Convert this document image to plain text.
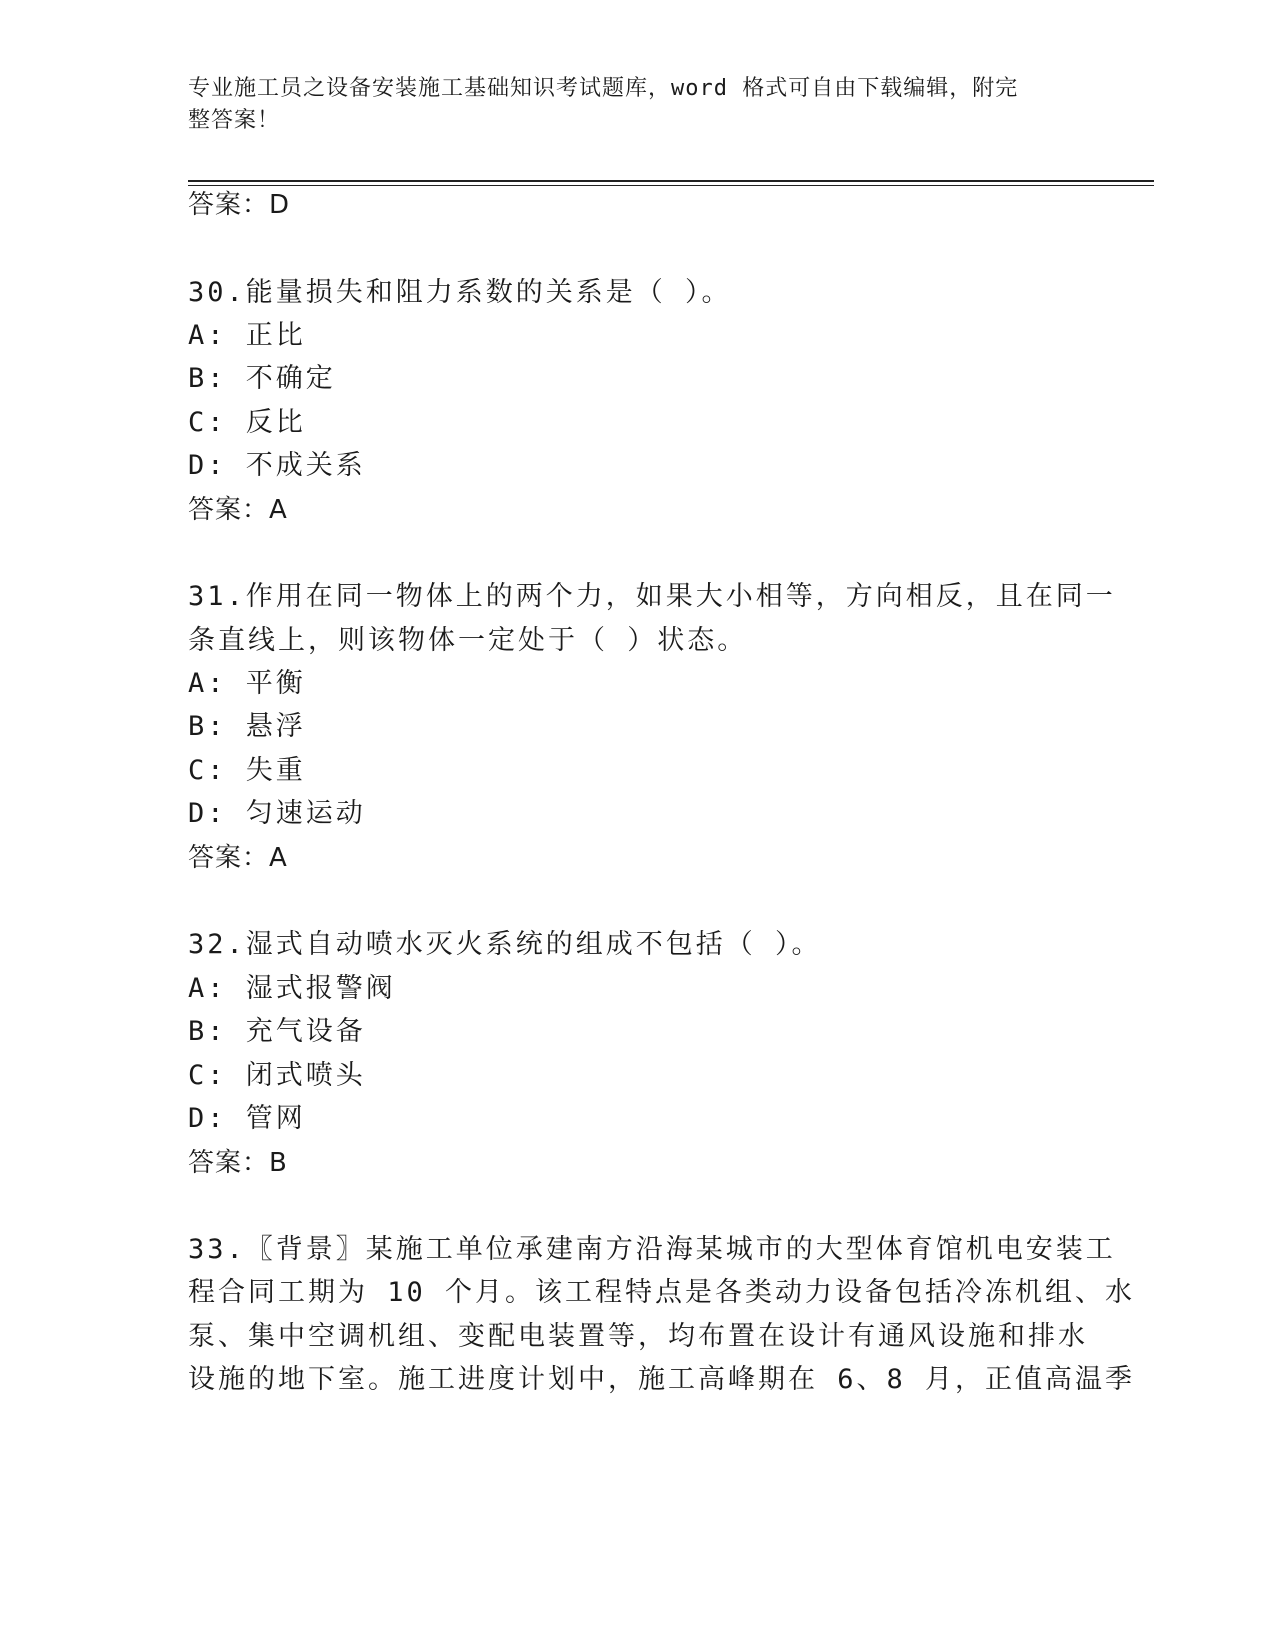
专业施工员之设备安装施工基础知识考试题库，word 格式可自由下载编辑，附完
整答案！
答案：D
30.能量损失和阻力系数的关系是（ ）。
A: 正比
B: 不确定
C: 反比
D: 不成关系
答案：A
31.作用在同一物体上的两个力，如果大小相等，方向相反，且在同一
条直线上，则该物体一定处于（ ）状态。
A: 平衡
B: 悬浮
C: 失重
D: 匀速运动
答案：A
32.湿式自动喷水灭火系统的组成不包括（ ）。
A: 湿式报警阀
B: 充气设备
C: 闭式喷头
D: 管网
答案：B
33.〖背景〗某施工单位承建南方沿海某城市的大型体育馆机电安装工
程合同工期为 10 个月。该工程特点是各类动力设备包括冷冻机组、水
泵、集中空调机组、变配电装置等，均布置在设计有通风设施和排水
设施的地下室。施工进度计划中，施工高峰期在 6、8 月，正值高温季
